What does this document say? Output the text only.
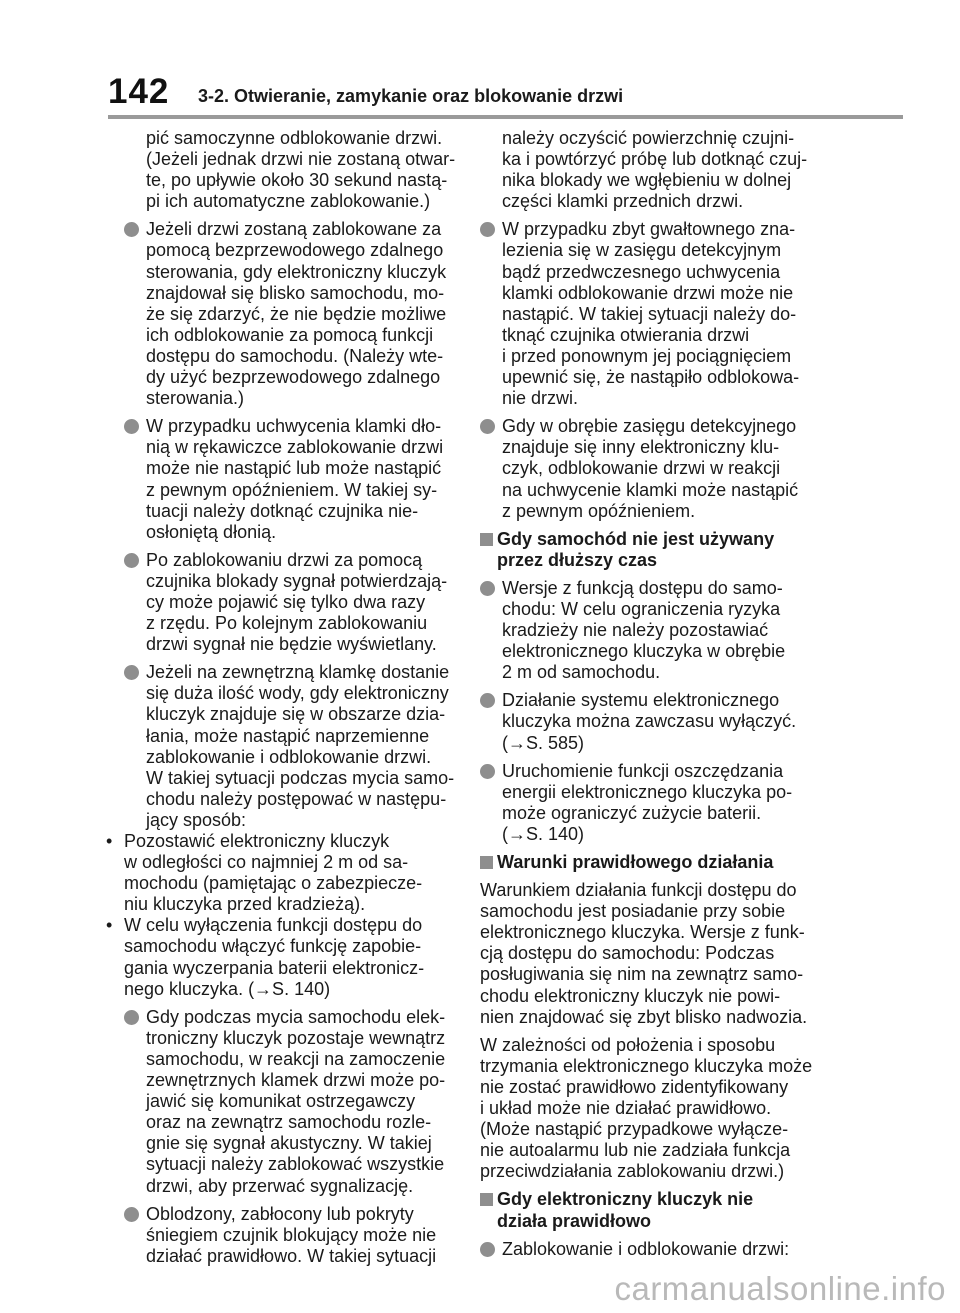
142 3-2. Otwieranie, zamykanie oraz blokowanie drzwi
pić samoczynne odblokowanie drzwi.
(Jeżeli jednak drzwi nie zostaną otwar-
te, po upływie około 30 sekund nastą-
pi ich automatyczne zablokowanie.)
Jeżeli drzwi zostaną zablokowane za
pomocą bezprzewodowego zdalnego
sterowania, gdy elektroniczny kluczyk
znajdował się blisko samochodu, mo-
że się zdarzyć, że nie będzie możliwe
ich odblokowanie za pomocą funkcji
dostępu do samochodu. (Należy wte-
dy użyć bezprzewodowego zdalnego
sterowania.)
W przypadku uchwycenia klamki dło-
nią w rękawiczce zablokowanie drzwi
może nie nastąpić lub może nastąpić
z pewnym opóźnieniem. W takiej sy-
tuacji należy dotknąć czujnika nie-
osłoniętą dłonią.
Po zablokowaniu drzwi za pomocą
czujnika blokady sygnał potwierdzają-
cy może pojawić się tylko dwa razy
z rzędu. Po kolejnym zablokowaniu
drzwi sygnał nie będzie wyświetlany.
Jeżeli na zewnętrzną klamkę dostanie
się duża ilość wody, gdy elektroniczny
kluczyk znajduje się w obszarze dzia-
łania, może nastąpić naprzemienne
zablokowanie i odblokowanie drzwi.
W takiej sytuacji podczas mycia samo-
chodu należy postępować w następu-
jący sposób:
• Pozostawić elektroniczny kluczyk
w odległości co najmniej 2 m od sa-
mochodu (pamiętając o zabezpiecze-
niu kluczyka przed kradzieżą).
• W celu wyłączenia funkcji dostępu do
samochodu włączyć funkcję zapobie-
gania wyczerpania baterii elektronicz-
nego kluczyka. (→S. 140)
Gdy podczas mycia samochodu elek-
troniczny kluczyk pozostaje wewnątrz
samochodu, w reakcji na zamoczenie
zewnętrznych klamek drzwi może po-
jawić się komunikat ostrzegawczy
oraz na zewnątrz samochodu rozle-
gnie się sygnał akustyczny. W takiej
sytuacji należy zablokować wszystkie
drzwi, aby przerwać sygnalizację.
Oblodzony, zabłocony lub pokryty
śniegiem czujnik blokujący może nie
działać prawidłowo. W takiej sytuacji
należy oczyścić powierzchnię czujni-
ka i powtórzyć próbę lub dotknąć czuj-
nika blokady we wgłębieniu w dolnej
części klamki przednich drzwi.
W przypadku zbyt gwałtownego zna-
lezienia się w zasięgu detekcyjnym
bądź przedwczesnego uchwycenia
klamki odblokowanie drzwi może nie
nastąpić. W takiej sytuacji należy do-
tknąć czujnika otwierania drzwi
i przed ponownym jej pociągnięciem
upewnić się, że nastąpiło odblokowa-
nie drzwi.
Gdy w obrębie zasięgu detekcyjnego
znajduje się inny elektroniczny klu-
czyk, odblokowanie drzwi w reakcji
na uchwycenie klamki może nastąpić
z pewnym opóźnieniem.
Gdy samochód nie jest używany
przez dłuższy czas
Wersje z funkcją dostępu do samo-
chodu: W celu ograniczenia ryzyka
kradzieży nie należy pozostawiać
elektronicznego kluczyka w obrębie
2 m od samochodu.
Działanie systemu elektronicznego
kluczyka można zawczasu wyłączyć.
(→S. 585)
Uruchomienie funkcji oszczędzania
energii elektronicznego kluczyka po-
może ograniczyć zużycie baterii.
(→S. 140)
Warunki prawidłowego działania
Warunkiem działania funkcji dostępu do
samochodu jest posiadanie przy sobie
elektronicznego kluczyka. Wersje z funk-
cją dostępu do samochodu: Podczas
posługiwania się nim na zewnątrz samo-
chodu elektroniczny kluczyk nie powi-
nien znajdować się zbyt blisko nadwozia.
W zależności od położenia i sposobu
trzymania elektronicznego kluczyka może
nie zostać prawidłowo zidentyfikowany
i układ może nie działać prawidłowo.
(Może nastąpić przypadkowe wyłącze-
nie autoalarmu lub nie zadziała funkcja
przeciwdziałania zablokowaniu drzwi.)
Gdy elektroniczny kluczyk nie
działa prawidłowo
Zablokowanie i odblokowanie drzwi:
carmanualsonline.info
